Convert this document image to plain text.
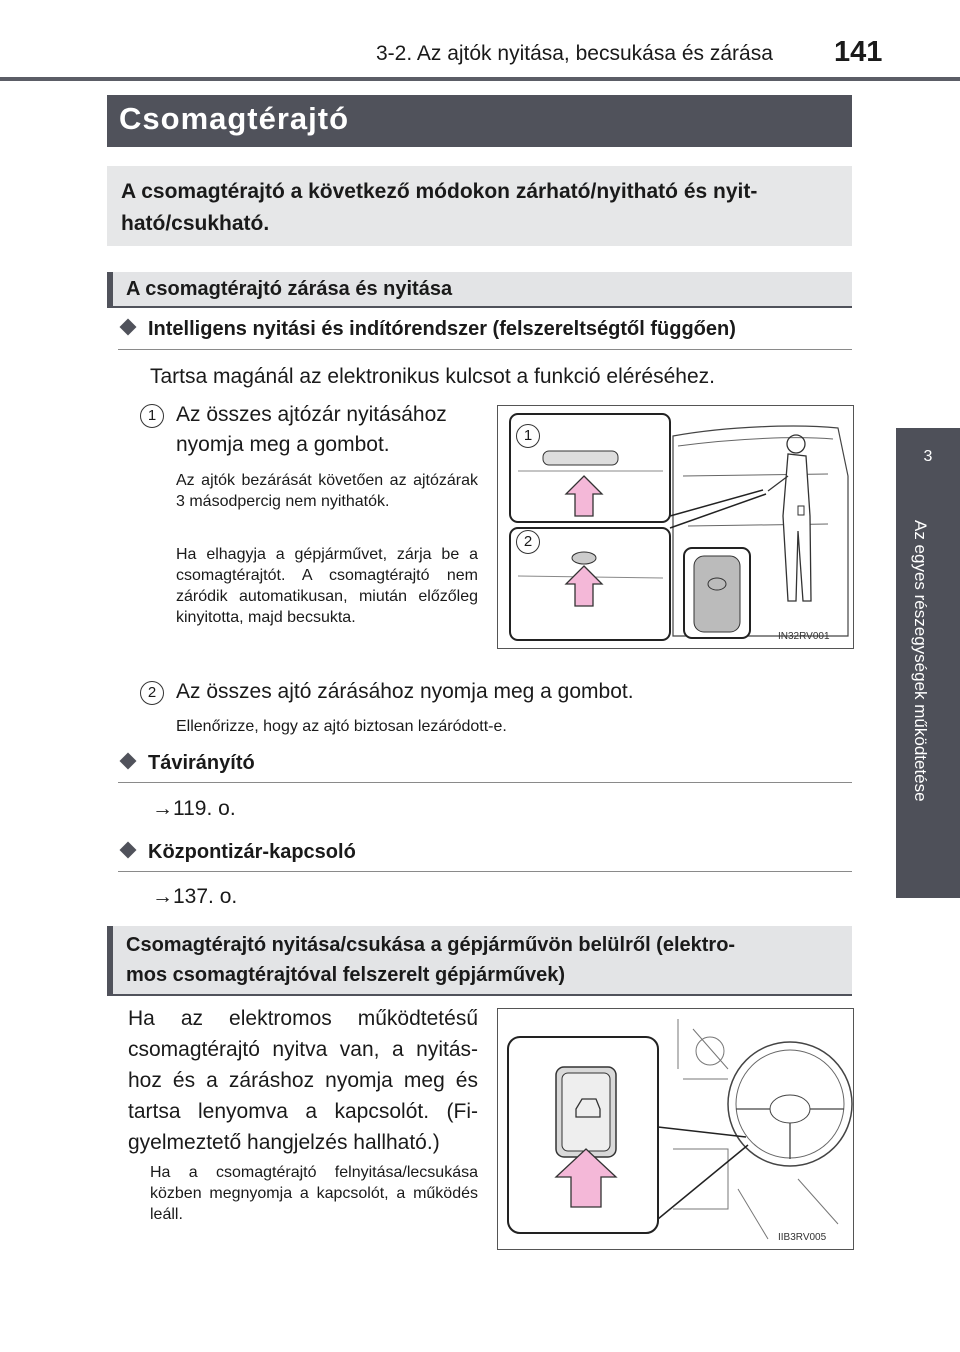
3-2. Az ajtók nyitása, becsukása és zárása 141
3
Az egyes részegységek működtetése
Csomagtérajtó
A csomagtérajtó a következő módokon zárható/nyitható és nyitható/csukható.
A csomagtérajtó zárása és nyitása
Intelligens nyitási és indítórendszer (felszereltségtől függően)
Tartsa magánál az elektronikus kulcsot a funkció eléréséhez.
1 Az összes ajtózár nyitásához
nyomja meg a gombot.
Az ajtók bezárását követően az ajtózárak 3 másodpercig nem nyithatók.
Ha elhagyja a gépjárművet, zárja be a csomagtérajtót. A csomagtérajtó nem záródik automatikusan, miután előzőleg kinyitotta, majd becsukta.
1
2
IN32RV001
2 Az összes ajtó zárásához nyomja meg a gombot.
Ellenőrizze, hogy az ajtó biztosan lezáródott-e.
Távirányító
→119. o.
Központizár-kapcsoló
→137. o.
Csomagtérajtó nyitása/csukása a gépjárművön belülről (elektro-
mos csomagtérajtóval felszerelt gépjárművek)
Ha az elektromos működtetésű csomagtérajtó nyitva van, a nyitáshoz és a záráshoz nyomja meg és tartsa lenyomva a kapcsolót. (Figyelmeztető hangjelzés hallható.)
Ha a csomagtérajtó felnyitása/lecsukása közben megnyomja a kapcsolót, a működés leáll.
IIB3RV005
